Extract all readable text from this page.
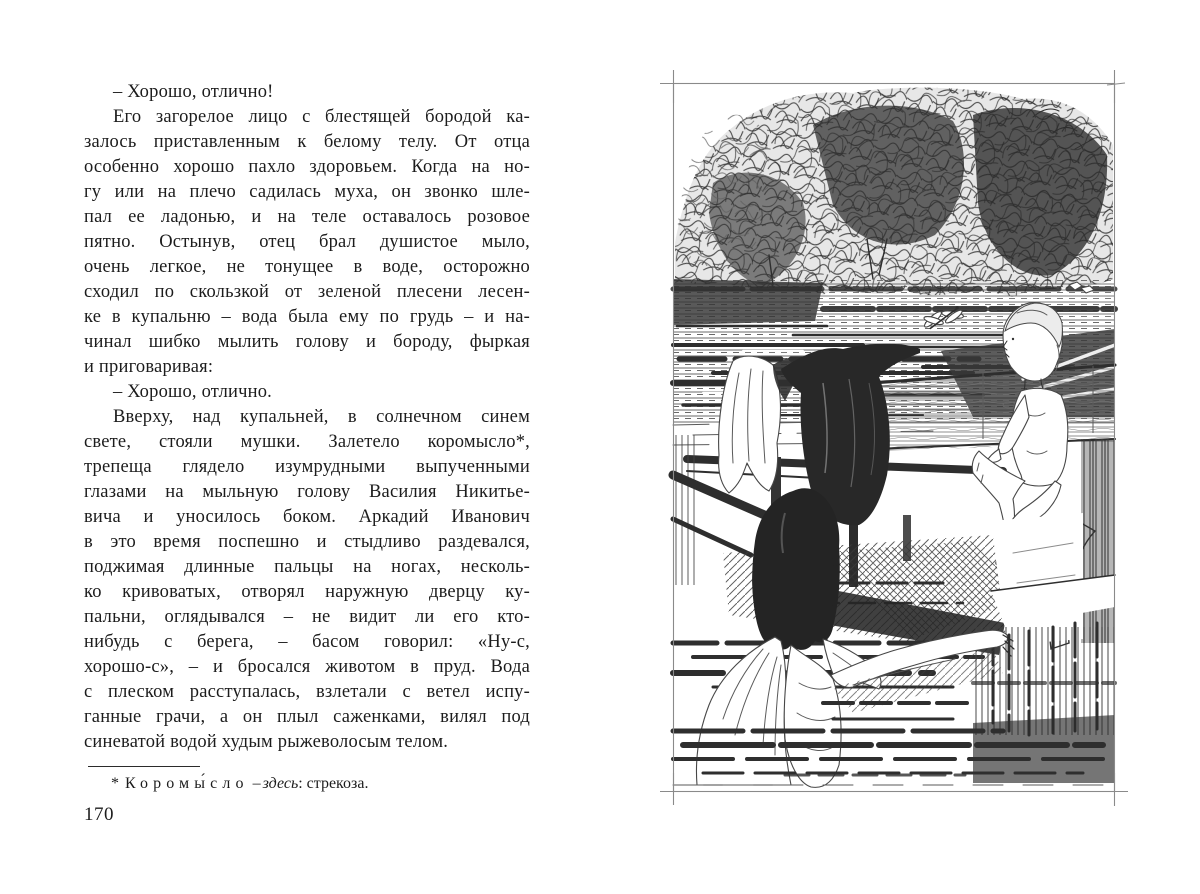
– Хорошо, отлично!
Его загорелое лицо с блестящей бородой ка-
залось приставленным к белому телу. От отца
особенно хорошо пахло здоровьем. Когда на но-
гу или на плечо садилась муха, он звонко шле-
пал ее ладонью, и на теле оставалось розовое
пятно. Остынув, отец брал душистое мыло,
очень легкое, не тонущее в воде, осторожно
сходил по скользкой от зеленой плесени лесен-
ке в купальню – вода была ему по грудь – и на-
чинал шибко мылить голову и бороду, фыркая
и приговаривая:
– Хорошо, отлично.
Вверху, над купальней, в солнечном синем
свете, стояли мушки. Залетело коромысло*,
трепеща глядело изумрудными выпученными
глазами на мыльную голову Василия Никитье-
вича и уносилось боком. Аркадий Иванович
в это время поспешно и стыдливо раздевался,
поджимая длинные пальцы на ногах, несколь-
ко кривоватых, отворял наружную дверцу ку-
пальни, оглядывался – не видит ли его кто-
нибудь с берега, – басом говорил: «Ну-с,
хорошо-с», – и бросался животом в пруд. Вода
с плеском расступалась, взлетали с ветел испу-
ганные грачи, а он плыл саженками, вилял под
синеватой водой худым рыжеволосым телом.
* Коромы́сло – здесь: стрекоза.
170
